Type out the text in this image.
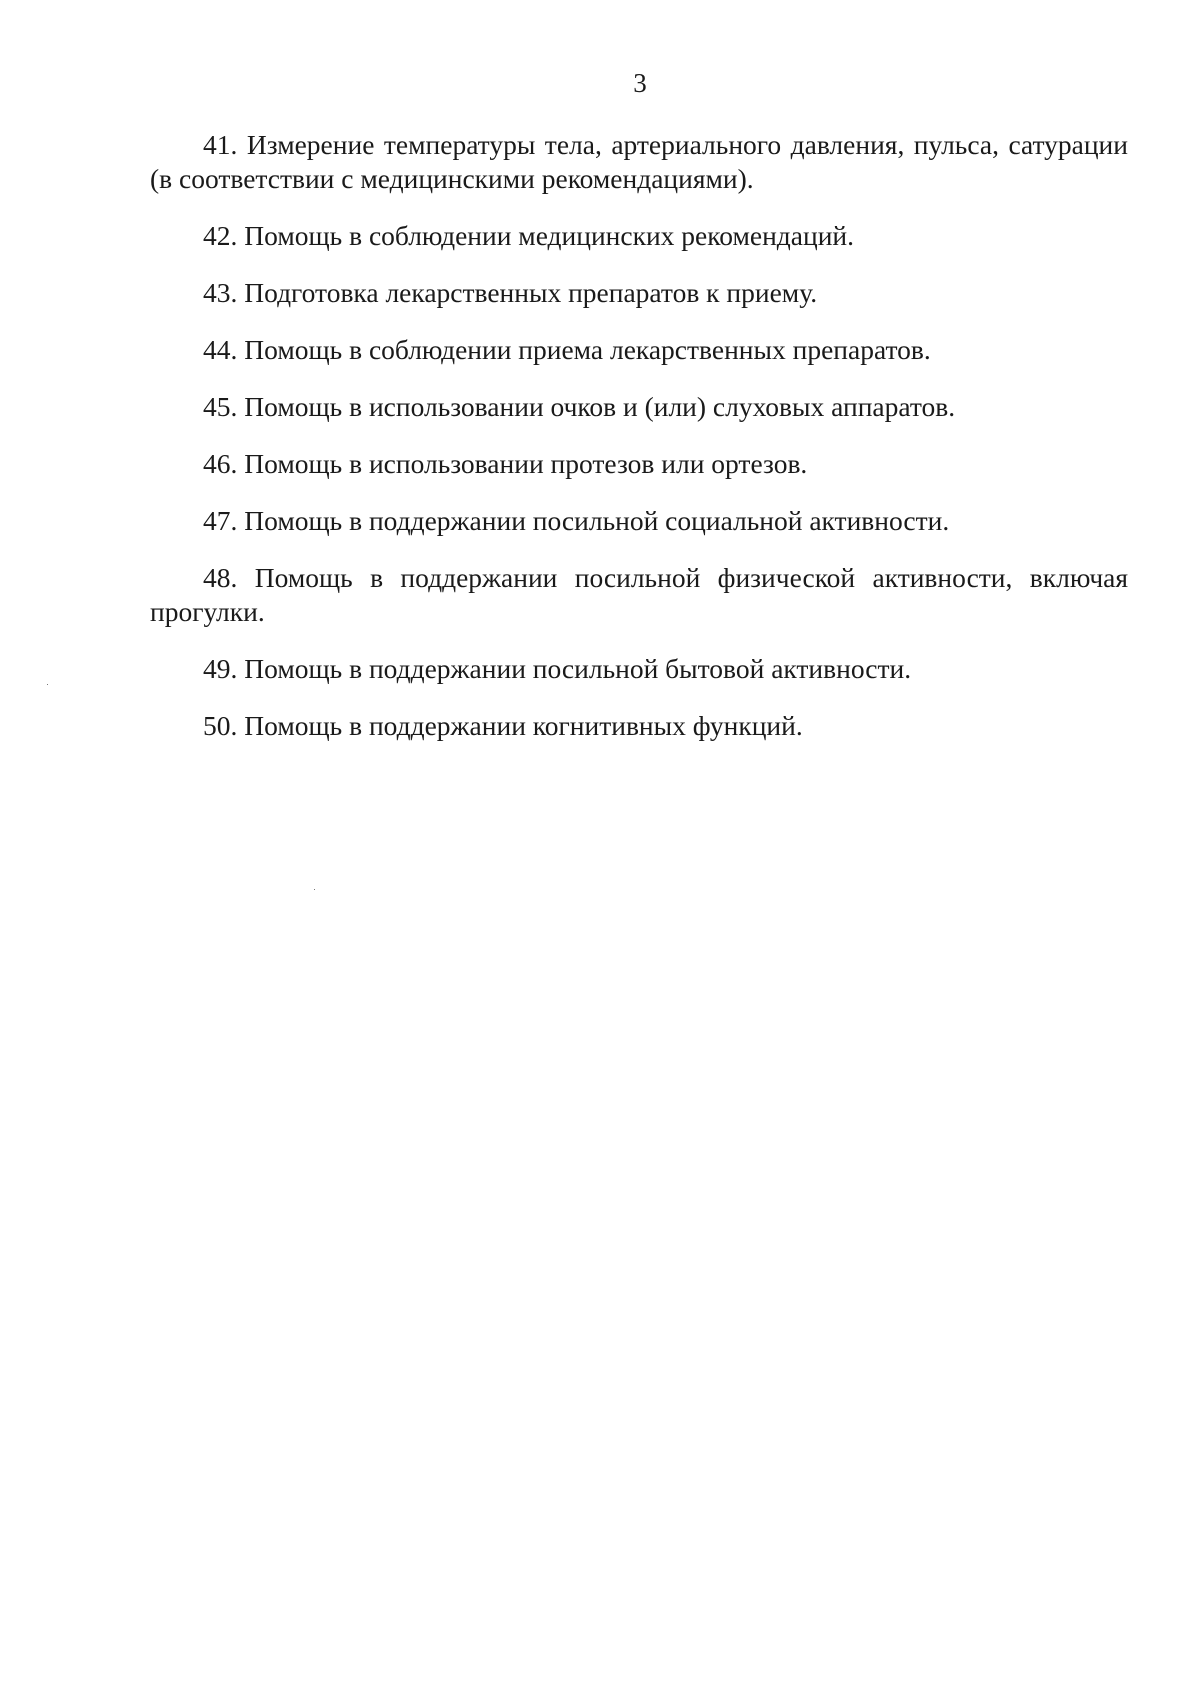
3

41. Измерение температуры тела, артериального давления, пульса, сатурации (в соответствии с медицинскими рекомендациями).

42. Помощь в соблюдении медицинских рекомендаций.

43. Подготовка лекарственных препаратов к приему.

44. Помощь в соблюдении приема лекарственных препаратов.

45. Помощь в использовании очков и (или) слуховых аппаратов.

46. Помощь в использовании протезов или ортезов.

47. Помощь в поддержании посильной социальной активности.

48. Помощь в поддержании посильной физической активности, включая прогулки.

49. Помощь в поддержании посильной бытовой активности.

50. Помощь в поддержании когнитивных функций.
